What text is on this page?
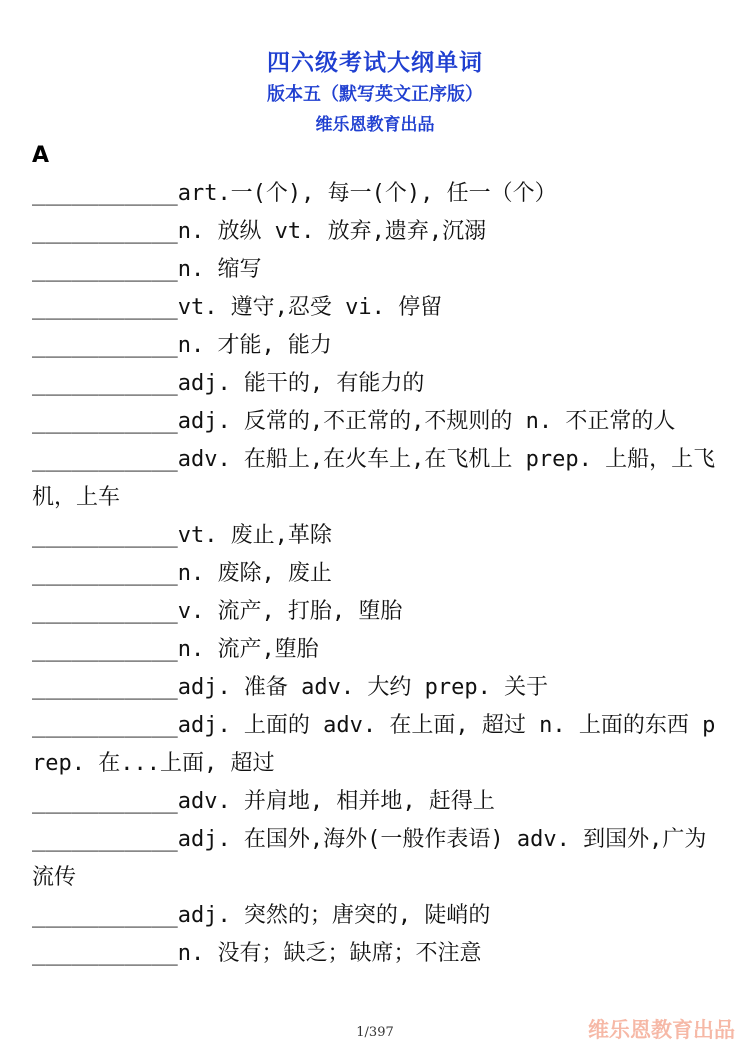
四六级考试大纲单词
版本五（默写英文正序版）
维乐恩教育出品
A
___________art.一(个), 每一(个), 任一（个）
___________n. 放纵 vt. 放弃,遗弃,沉溺
___________n. 缩写
___________vt. 遵守,忍受 vi. 停留
___________n. 才能, 能力
___________adj. 能干的, 有能力的
___________adj. 反常的,不正常的,不规则的 n. 不正常的人
___________adv. 在船上,在火车上,在飞机上 prep. 上船，上飞机，上车
___________vt. 废止,革除
___________n. 废除, 废止
___________v. 流产, 打胎, 堕胎
___________n. 流产,堕胎
___________adj. 准备 adv. 大约 prep. 关于
___________adj. 上面的 adv. 在上面, 超过 n. 上面的东西 prep. 在...上面, 超过
___________adv. 并肩地, 相并地, 赶得上
___________adj. 在国外,海外(一般作表语) adv. 到国外,广为流传
___________adj. 突然的；唐突的, 陡峭的
___________n. 没有；缺乏；缺席；不注意
1/397	维乐恩教育出品
